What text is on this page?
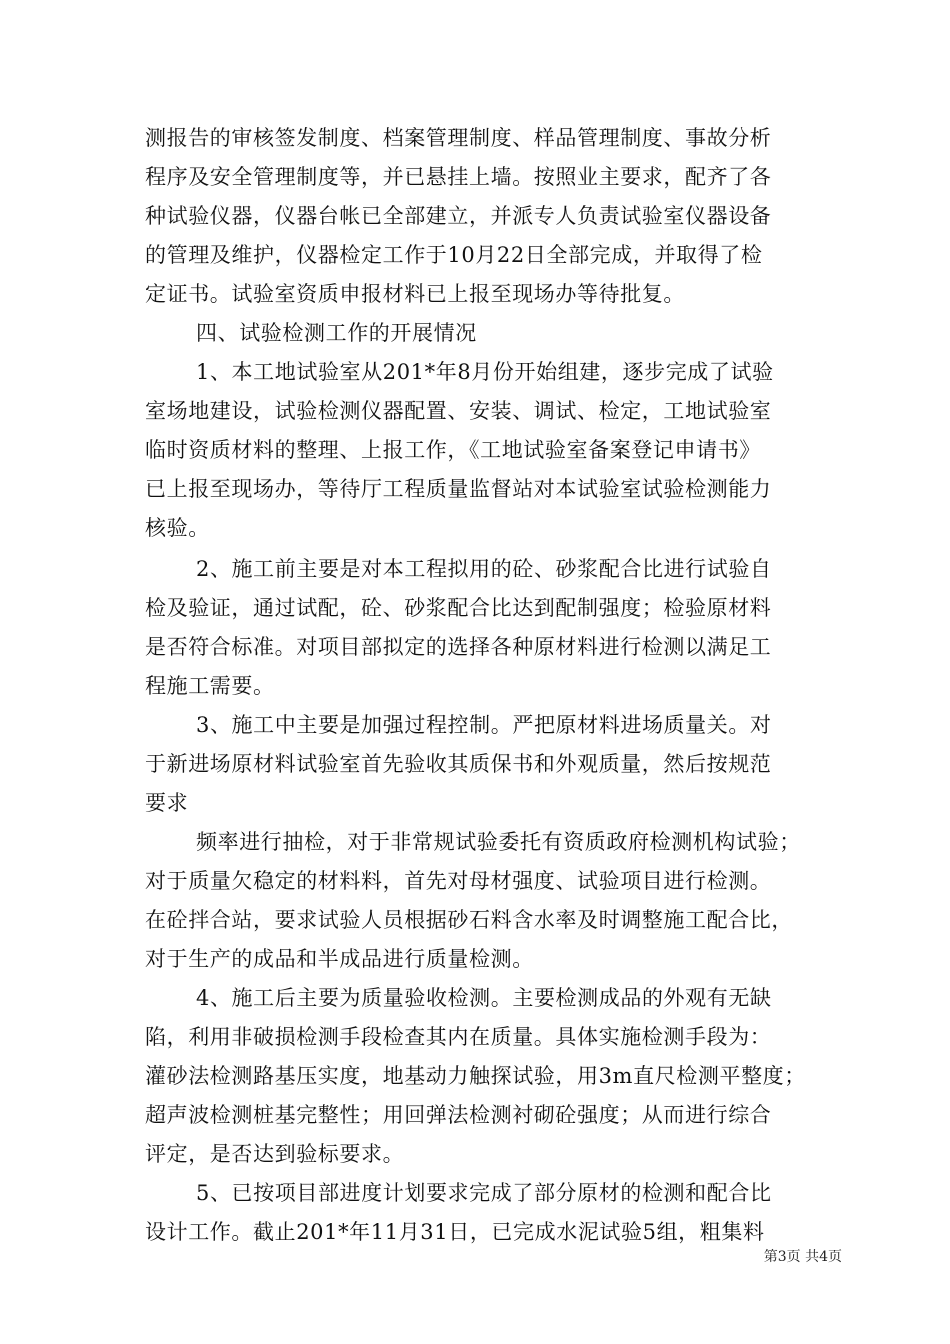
测报告的审核签发制度、档案管理制度、样品管理制度、事故分析
程序及安全管理制度等，并已悬挂上墙。按照业主要求，配齐了各
种试验仪器，仪器台帐已全部建立，并派专人负责试验室仪器设备
的管理及维护，仪器检定工作于10月22日全部完成，并取得了检
定证书。试验室资质申报材料已上报至现场办等待批复。
四、试验检测工作的开展情况
1、本工地试验室从201*年8月份开始组建，逐步完成了试验
室场地建设，试验检测仪器配置、安装、调试、检定，工地试验室
临时资质材料的整理、上报工作，《工地试验室备案登记申请书》
已上报至现场办，等待厅工程质量监督站对本试验室试验检测能力
核验。
2、施工前主要是对本工程拟用的砼、砂浆配合比进行试验自
检及验证，通过试配，砼、砂浆配合比达到配制强度；检验原材料
是否符合标准。对项目部拟定的选择各种原材料进行检测以满足工
程施工需要。
3、施工中主要是加强过程控制。严把原材料进场质量关。对
于新进场原材料试验室首先验收其质保书和外观质量，然后按规范
要求
频率进行抽检，对于非常规试验委托有资质政府检测机构试验；
对于质量欠稳定的材料料，首先对母材强度、试验项目进行检测。
在砼拌合站，要求试验人员根据砂石料含水率及时调整施工配合比，
对于生产的成品和半成品进行质量检测。
4、施工后主要为质量验收检测。主要检测成品的外观有无缺
陷，利用非破损检测手段检查其内在质量。具体实施检测手段为：
灌砂法检测路基压实度，地基动力触探试验，用3m直尺检测平整度；
超声波检测桩基完整性；用回弹法检测衬砌砼强度；从而进行综合
评定，是否达到验标要求。
5、已按项目部进度计划要求完成了部分原材的检测和配合比
设计工作。截止201*年11月31日，已完成水泥试验5组，粗集料
第3页 共4页
